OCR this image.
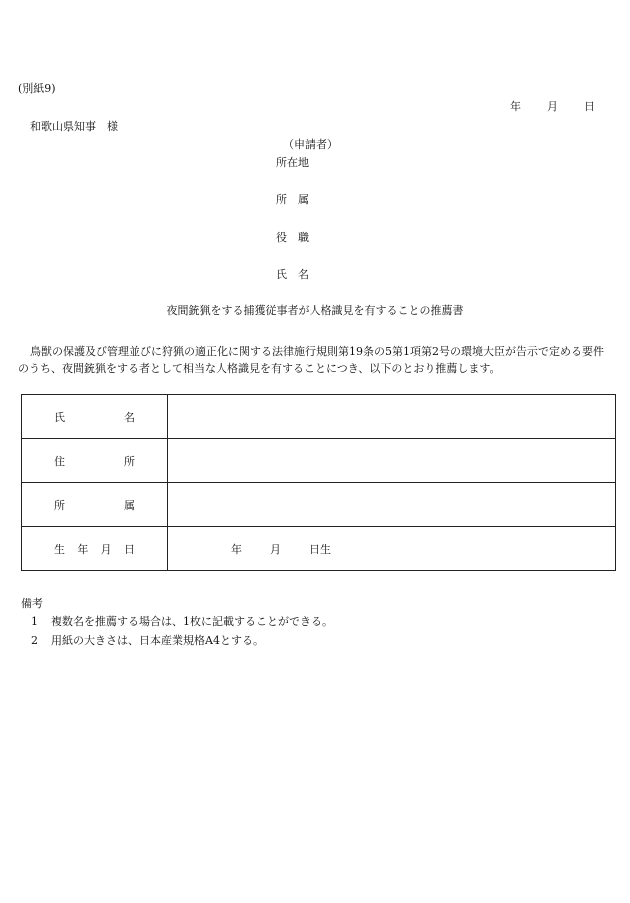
(別紙9)
年 月 日
和歌山県知事　様
（申請者）
所在地
所　属
役　職
氏　名
夜間銃猟をする捕獲従事者が人格識見を有することの推薦書
鳥獣の保護及び管理並びに狩猟の適正化に関する法律施行規則第19条の5第1項第2号の環境大臣が告示で定める要件のうち、夜間銃猟をする者として相当な人格識見を有することにつき、以下のとおり推薦します。
氏 名	

住 所	

所 属	

生 年 月 日	年 月 日生
備考
1 複数名を推薦する場合は、1枚に記載することができる。
2 用紙の大きさは、日本産業規格A4とする。
